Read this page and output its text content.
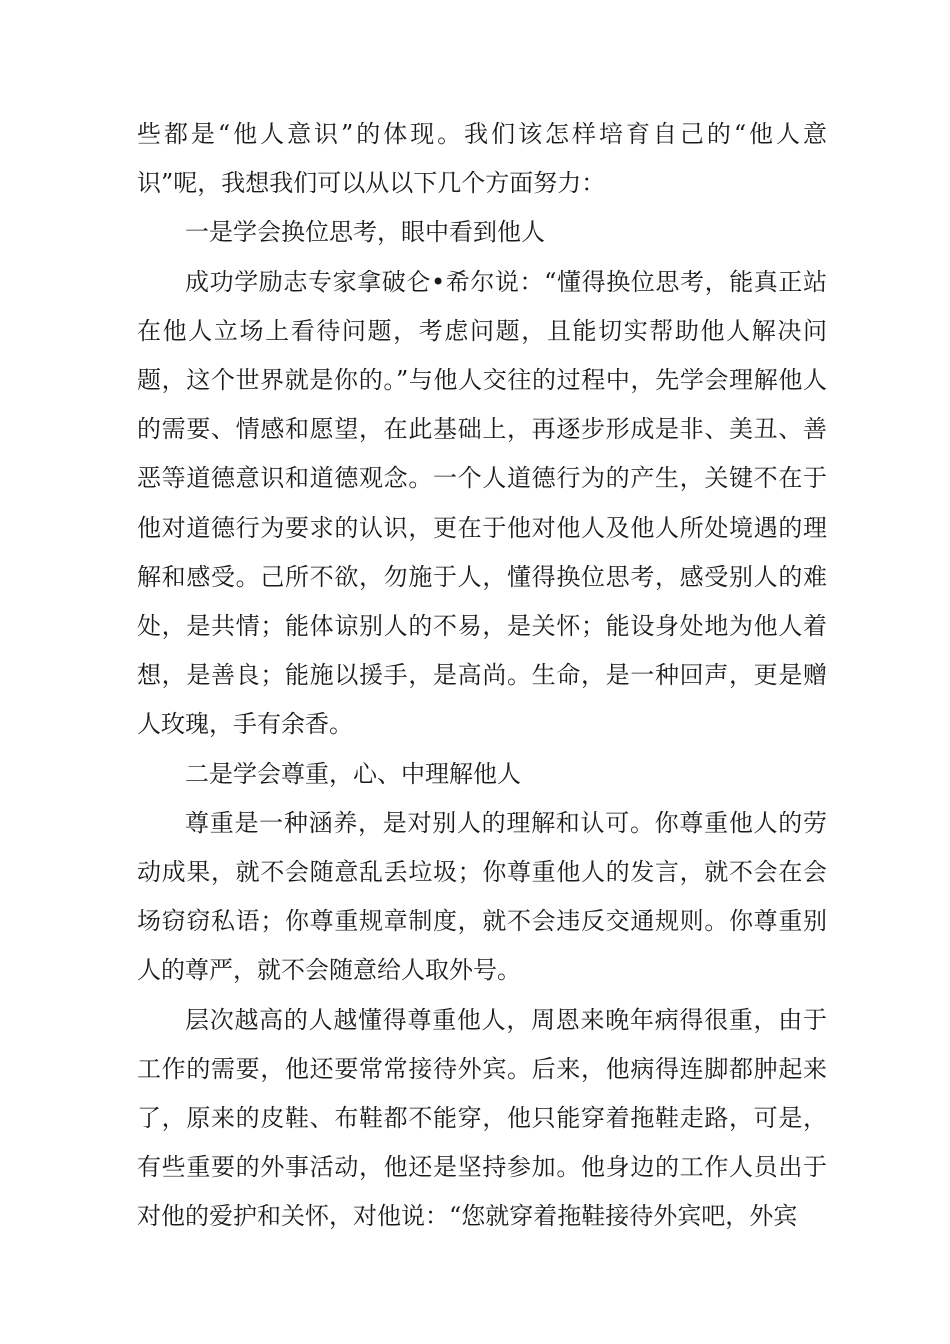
些都是“他人意识”的体现。我们该怎样培育自己的“他人意识”呢，我想我们可以从以下几个方面努力：

一是学会换位思考，眼中看到他人

成功学励志专家拿破仑•希尔说：“懂得换位思考，能真正站在他人立场上看待问题，考虑问题，且能切实帮助他人解决问题，这个世界就是你的。”与他人交往的过程中，先学会理解他人的需要、情感和愿望，在此基础上，再逐步形成是非、美丑、善恶等道德意识和道德观念。一个人道德行为的产生，关键不在于他对道德行为要求的认识，更在于他对他人及他人所处境遇的理解和感受。己所不欲，勿施于人，懂得换位思考，感受别人的难处，是共情；能体谅别人的不易，是关怀；能设身处地为他人着想，是善良；能施以援手，是高尚。生命，是一种回声，更是赠人玫瑰，手有余香。

二是学会尊重，心、中理解他人

尊重是一种涵养，是对别人的理解和认可。你尊重他人的劳动成果，就不会随意乱丢垃圾；你尊重他人的发言，就不会在会场窃窃私语；你尊重规章制度，就不会违反交通规则。你尊重别人的尊严，就不会随意给人取外号。

层次越高的人越懂得尊重他人，周恩来晚年病得很重，由于工作的需要，他还要常常接待外宾。后来，他病得连脚都肿起来了，原来的皮鞋、布鞋都不能穿，他只能穿着拖鞋走路，可是，有些重要的外事活动，他还是坚持参加。他身边的工作人员出于对他的爱护和关怀，对他说：“您就穿着拖鞋接待外宾吧，外宾
